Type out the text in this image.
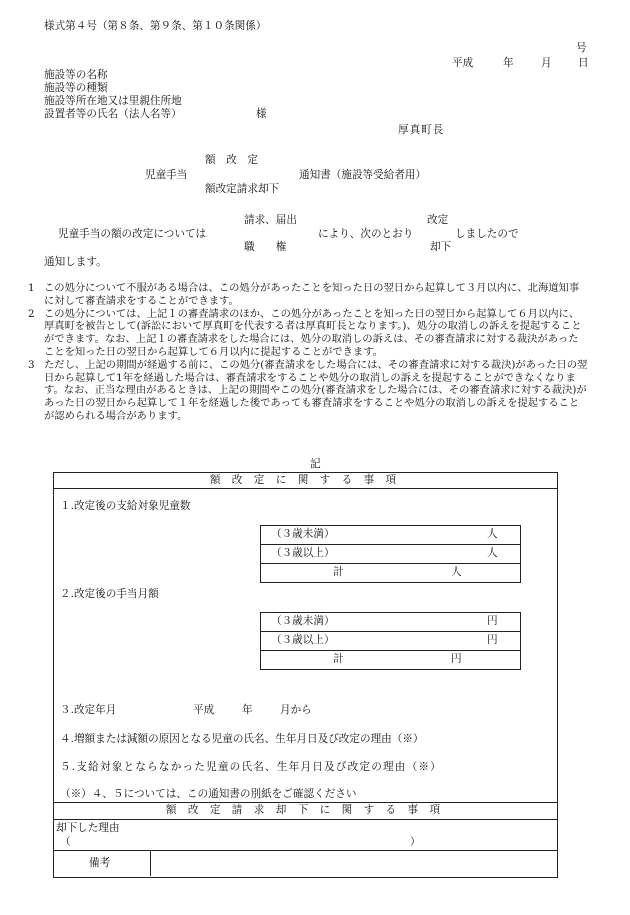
様式第４号（第８条、第９条、第１０条関係）
号
平成	年	月 日
施設等の名称
施設等の種類
施設等所在地又は里親住所地
設置者等の氏名（法人名等）	様
厚真町長
額　改　定
児童手当	通知書（施設等受給者用）
額改定請求却下
請求、届出	改定
児童手当の額の改定については	により、次のとおり	しましたので
職　　権	却下
通知します。
1 この処分について不服がある場合は、この処分があったことを知った日の翌日から起算して３月以内に、北海道知事に対して審査請求をすることができます。
2 この処分については、上記１の審査請求のほか、この処分があったことを知った日の翌日から起算して６月以内に、厚真町を被告として(訴訟において厚真町を代表する者は厚真町長となります。)、処分の取消しの訴えを提起することができます。なお、上記１の審査請求をした場合には、処分の取消しの訴えは、その審査請求に対する裁決があったことを知った日の翌日から起算して６月以内に提起することができます。
3 ただし、上記の期間が経過する前に、この処分(審査請求をした場合には、その審査請求に対する裁決)があった日の翌日から起算して1年を経過した場合は、審査請求をすることや処分の取消しの訴えを提起することができなくなります。なお、正当な理由があるときは、上記の期間やこの処分(審査請求をした場合には、その審査請求に対する裁決)があった日の翌日から起算して１年を経過した後であっても審査請求をすることや処分の取消しの訴えを提起することが認められる場合があります。
記
額 改 定 に 関 す る 事 項
１.改定後の支給対象児童数
（３歳未満）	人
（３歳以上）	人
計	人
２.改定後の手当月額
（３歳未満）	円
（３歳以上）	円
計	円
３.改定年月	平成	年	月から
４.増額または減額の原因となる児童の氏名、生年月日及び改定の理由（※）
５.支給対象とならなかった児童の氏名、生年月日及び改定の理由（※）
（※）４、５については、この通知書の別紙をご確認ください
額 改 定 請 求 却 下 に 関 す る 事 項
却下した理由
（	）
備考
